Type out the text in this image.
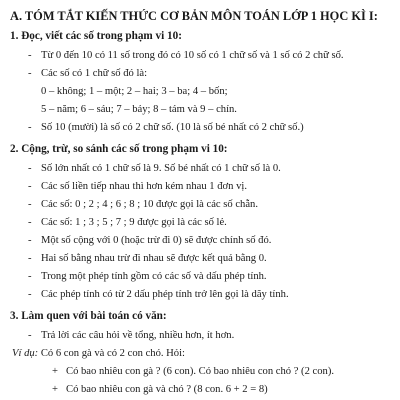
A. TÓM TẮT KIẾN THỨC CƠ BẢN MÔN TOÁN LỚP 1 HỌC KÌ I:
1. Đọc, viết các số trong phạm vi 10:
- Từ 0 đến 10 có 11 số trong đó có 10 số có 1 chữ số và 1 số có 2 chữ số.
- Các số có 1 chữ số đó là:
0 – không; 1 – một; 2 – hai; 3 – ba; 4 – bốn;
5 – năm; 6 – sáu; 7 – bảy; 8 – tám và 9 – chín.
- Số 10 (mười) là số có 2 chữ số. (10 là số bé nhất có 2 chữ số.)
2. Cộng, trừ, so sánh các số trong phạm vi 10:
- Số lớn nhất có 1 chữ số là 9. Số bé nhất có 1 chữ số là 0.
- Các số liền tiếp nhau thì hơn kém nhau 1 đơn vị.
- Các số: 0 ; 2 ; 4 ; 6 ; 8 ; 10 được gọi là các số chẵn.
- Các số: 1 ; 3 ; 5 ; 7 ; 9 được gọi là các số lẻ.
- Một số cộng với 0 (hoặc trừ đi 0) sẽ được chính số đó.
- Hai số bằng nhau trừ đi nhau sẽ được kết quả bằng 0.
- Trong một phép tính gồm có các số và dấu phép tính.
- Các phép tính có từ 2 dấu phép tính trở lên gọi là dãy tính.
3. Làm quen với bài toán có văn:
- Trả lời các câu hỏi về tổng, nhiều hơn, ít hơn.
Ví dụ: Có 6 con gà và có 2 con chó. Hỏi:
+ Có bao nhiêu con gà ? (6 con). Có bao nhiêu con chó ? (2 con).
+ Có bao nhiêu con gà và chó ? (8 con. 6 + 2 = 8)
